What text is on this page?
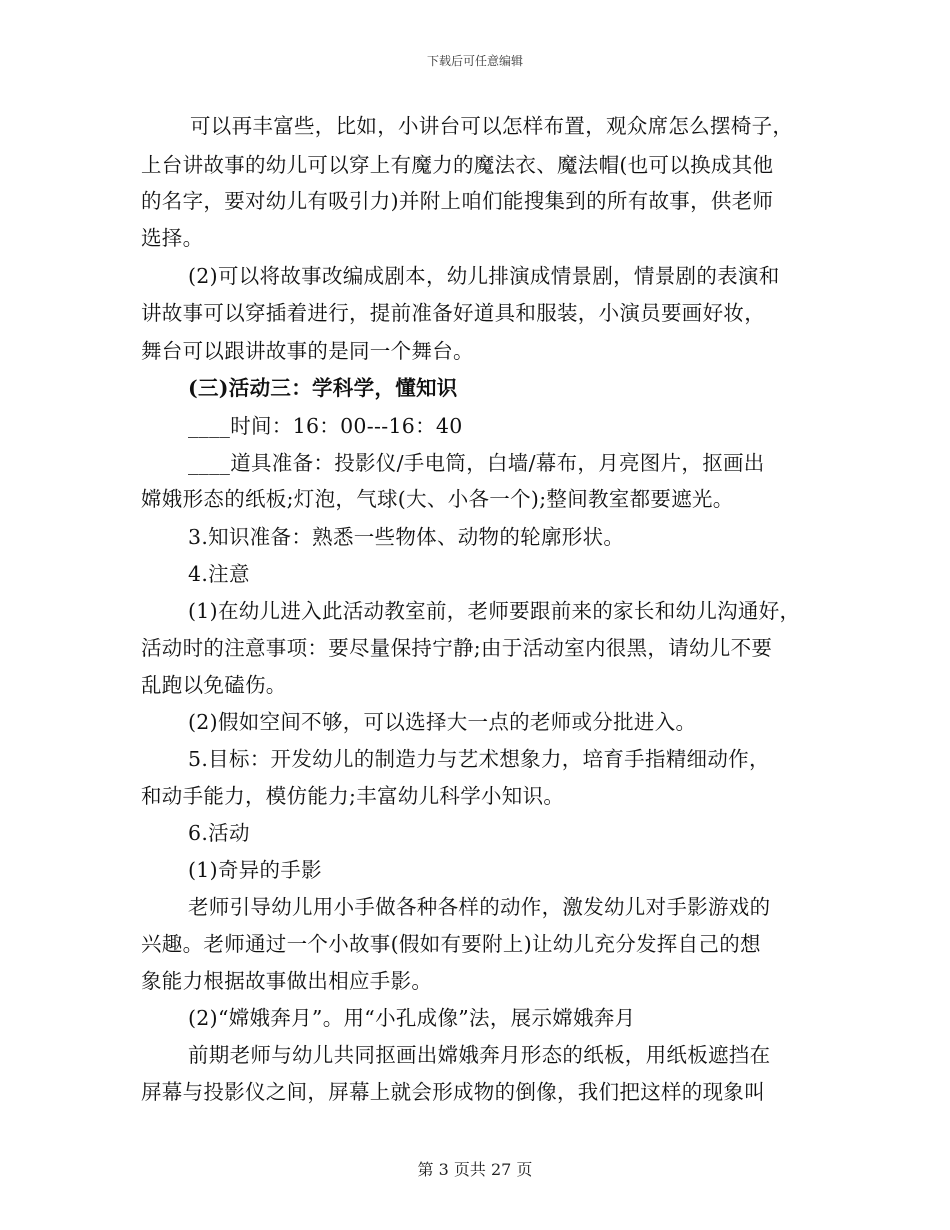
下载后可任意编辑
可以再丰富些，比如，小讲台可以怎样布置，观众席怎么摆椅子，
上台讲故事的幼儿可以穿上有魔力的魔法衣、魔法帽(也可以换成其他
的名字，要对幼儿有吸引力)并附上咱们能搜集到的所有故事，供老师
选择。
(2)可以将故事改编成剧本，幼儿排演成情景剧，情景剧的表演和
讲故事可以穿插着进行，提前准备好道具和服装，小演员要画好妆，
舞台可以跟讲故事的是同一个舞台。
(三)活动三：学科学，懂知识
____时间：16：00---16：40
____道具准备：投影仪/手电筒，白墙/幕布，月亮图片，抠画出
嫦娥形态的纸板;灯泡，气球(大、小各一个);整间教室都要遮光。
3.知识准备：熟悉一些物体、动物的轮廓形状。
4.注意
(1)在幼儿进入此活动教室前，老师要跟前来的家长和幼儿沟通好，
活动时的注意事项：要尽量保持宁静;由于活动室内很黑，请幼儿不要
乱跑以免磕伤。
(2)假如空间不够，可以选择大一点的老师或分批进入。
5.目标：开发幼儿的制造力与艺术想象力，培育手指精细动作，
和动手能力，模仿能力;丰富幼儿科学小知识。
6.活动
(1)奇异的手影
老师引导幼儿用小手做各种各样的动作，激发幼儿对手影游戏的
兴趣。老师通过一个小故事(假如有要附上)让幼儿充分发挥自己的想
象能力根据故事做出相应手影。
(2)“嫦娥奔月”。用“小孔成像”法，展示嫦娥奔月
前期老师与幼儿共同抠画出嫦娥奔月形态的纸板，用纸板遮挡在
屏幕与投影仪之间，屏幕上就会形成物的倒像，我们把这样的现象叫
第 3 页共 27 页
